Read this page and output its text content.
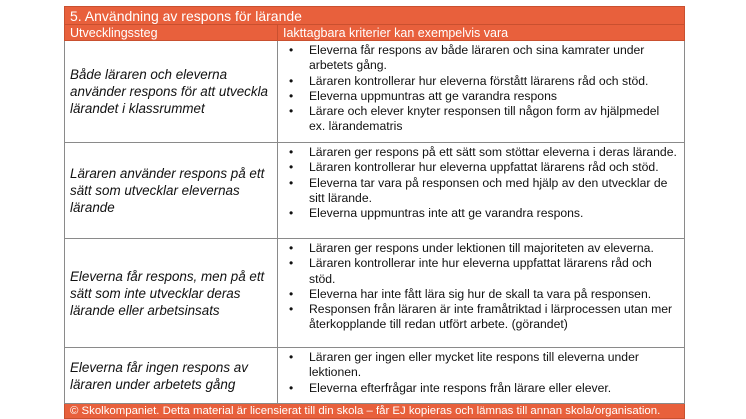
5. Användning av respons för lärande
Utvecklingssteg	Iakttagbara kriterier kan exempelvis vara
Både läraren och eleverna använder respons för att utveckla lärandet i klassrummet
• Eleverna får respons av både läraren och sina kamrater under arbetets gång.
• Läraren kontrollerar hur eleverna förstått lärarens råd och stöd.
• Eleverna uppmuntras att ge varandra respons
• Lärare och elever knyter responsen till någon form av hjälpmedel ex. lärandematris
Läraren använder respons på ett sätt som utvecklar elevernas lärande
• Läraren ger respons på ett sätt som stöttar eleverna i deras lärande.
• Läraren kontrollerar hur eleverna uppfattat lärarens råd och stöd.
• Eleverna tar vara på responsen och med hjälp av den utvecklar de sitt lärande.
• Eleverna uppmuntras inte att ge varandra respons.
Eleverna får respons, men på ett sätt som inte utvecklar deras lärande eller arbetsinsats
• Läraren ger respons under lektionen till majoriteten av eleverna.
• Läraren kontrollerar inte hur eleverna uppfattat lärarens råd och stöd.
• Eleverna har inte fått lära sig hur de skall ta vara på responsen.
• Responsen från läraren är inte framåtriktad i lärprocessen utan mer återkopplande till redan utfört arbete. (görandet)
Eleverna får ingen respons av läraren under arbetets gång
• Läraren ger ingen eller mycket lite respons till eleverna under lektionen.
• Eleverna efterfrågar inte respons från lärare eller elever.
© Skolkompaniet. Detta material är licensierat till din skola – får EJ kopieras och lämnas till annan skola/organisation.
